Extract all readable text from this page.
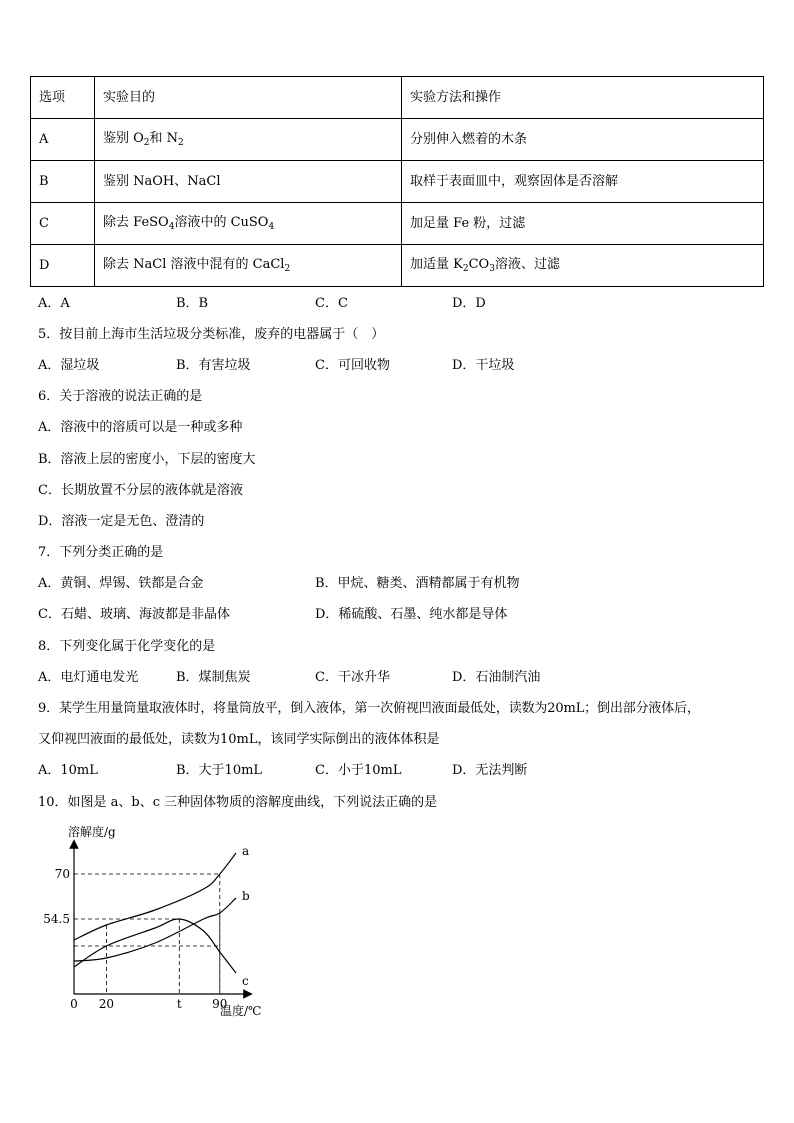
选项	实验目的	实验方法和操作
A	鉴别 $O_2$和 $N_2$	分别伸入燃着的木条
B	鉴别 NaOH、NaCl	取样于表面皿中，观察固体是否溶解
C	除去 FeSO$_4$溶液中的 CuSO$_4$	加足量 Fe 粉，过滤
D	除去 NaCl 溶液中混有的 CaCl$_2$	加适量 $K_2CO_3$溶液、过滤
A．A	B．B	C．C	D．D
5．按目前上海市生活垃圾分类标准，废弃的电器属于（　）
A．湿垃圾	B．有害垃圾	C．可回收物	D．干垃圾
6．关于溶液的说法正确的是
A．溶液中的溶质可以是一种或多种
B．溶液上层的密度小，下层的密度大
C．长期放置不分层的液体就是溶液
D．溶液一定是无色、澄清的
7．下列分类正确的是
A．黄铜、焊锡、铁都是合金	B．甲烷、糖类、酒精都属于有机物
C．石蜡、玻璃、海波都是非晶体	D．稀硫酸、石墨、纯水都是导体
8．下列变化属于化学变化的是
A．电灯通电发光	B．煤制焦炭	C．干冰升华	D．石油制汽油
9．某学生用量筒量取液体时，将量筒放平，倒入液体，第一次俯视凹液面最低处，读数为20mL；倒出部分液体后，
又仰视凹液面的最低处，读数为10mL，该同学实际倒出的液体体积是
A．10mL	B．大于10mL	C．小于10mL	D．无法判断
10．如图是 a、b、c 三种固体物质的溶解度曲线，下列说法正确的是
溶解度/g
温度/℃
a
b
c
70
54.5
0 20	t	90
